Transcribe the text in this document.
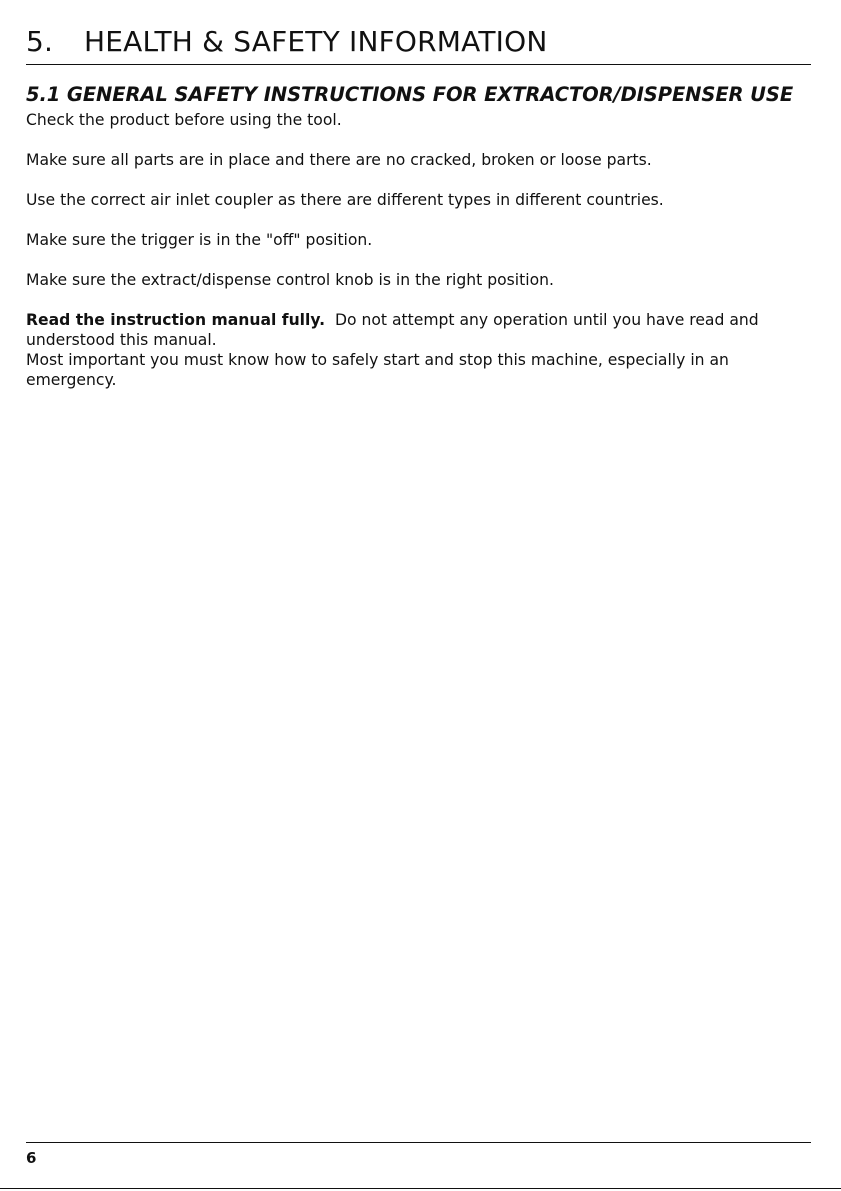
5. HEALTH & SAFETY INFORMATION
5.1 GENERAL SAFETY INSTRUCTIONS FOR EXTRACTOR/DISPENSER USE

Check the product before using the tool.

Make sure all parts are in place and there are no cracked, broken or loose parts.

Use the correct air inlet coupler as there are different types in different countries.

Make sure the trigger is in the "off" position.

Make sure the extract/dispense control knob is in the right position.

Read the instruction manual fully. Do not attempt any operation until you have read and understood this manual.

Most important you must know how to safely start and stop this machine, especially in an emergency.

6
